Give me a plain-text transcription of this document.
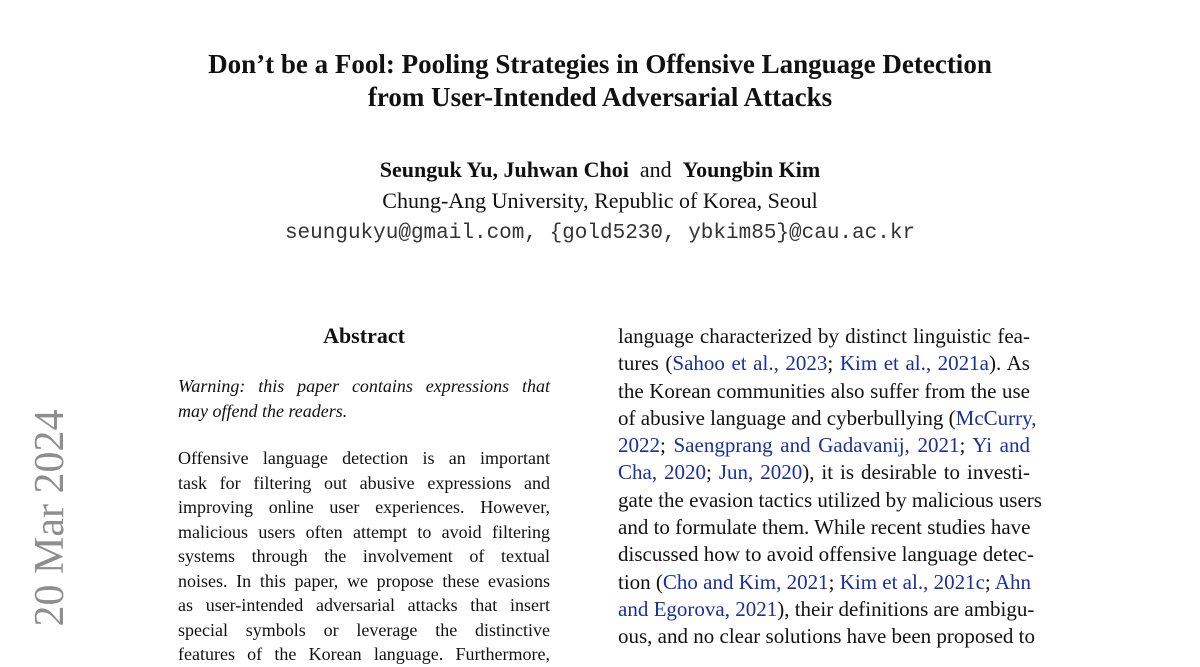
Don’t be a Fool: Pooling Strategies in Offensive Language Detection
from User-Intended Adversarial Attacks
Seunguk Yu, Juhwan Choi and Youngbin Kim
Chung-Ang University, Republic of Korea, Seoul
seungukyu@gmail.com, {gold5230, ybkim85}@cau.ac.kr
20 Mar 2024
Abstract
Warning: this paper contains expressions that
may offend the readers.
Offensive language detection is an important
task for filtering out abusive expressions and
improving online user experiences. However,
malicious users often attempt to avoid filtering
systems through the involvement of textual
noises. In this paper, we propose these evasions
as user-intended adversarial attacks that insert
special symbols or leverage the distinctive
features of the Korean language. Furthermore,
language characterized by distinct linguistic fea-
tures (Sahoo et al., 2023; Kim et al., 2021a). As
the Korean communities also suffer from the use
of abusive language and cyberbullying (McCurry,
2022; Saengprang and Gadavanij, 2021; Yi and
Cha, 2020; Jun, 2020), it is desirable to investi-
gate the evasion tactics utilized by malicious users
and to formulate them. While recent studies have
discussed how to avoid offensive language detec-
tion (Cho and Kim, 2021; Kim et al., 2021c; Ahn
and Egorova, 2021), their definitions are ambigu-
ous, and no clear solutions have been proposed to
